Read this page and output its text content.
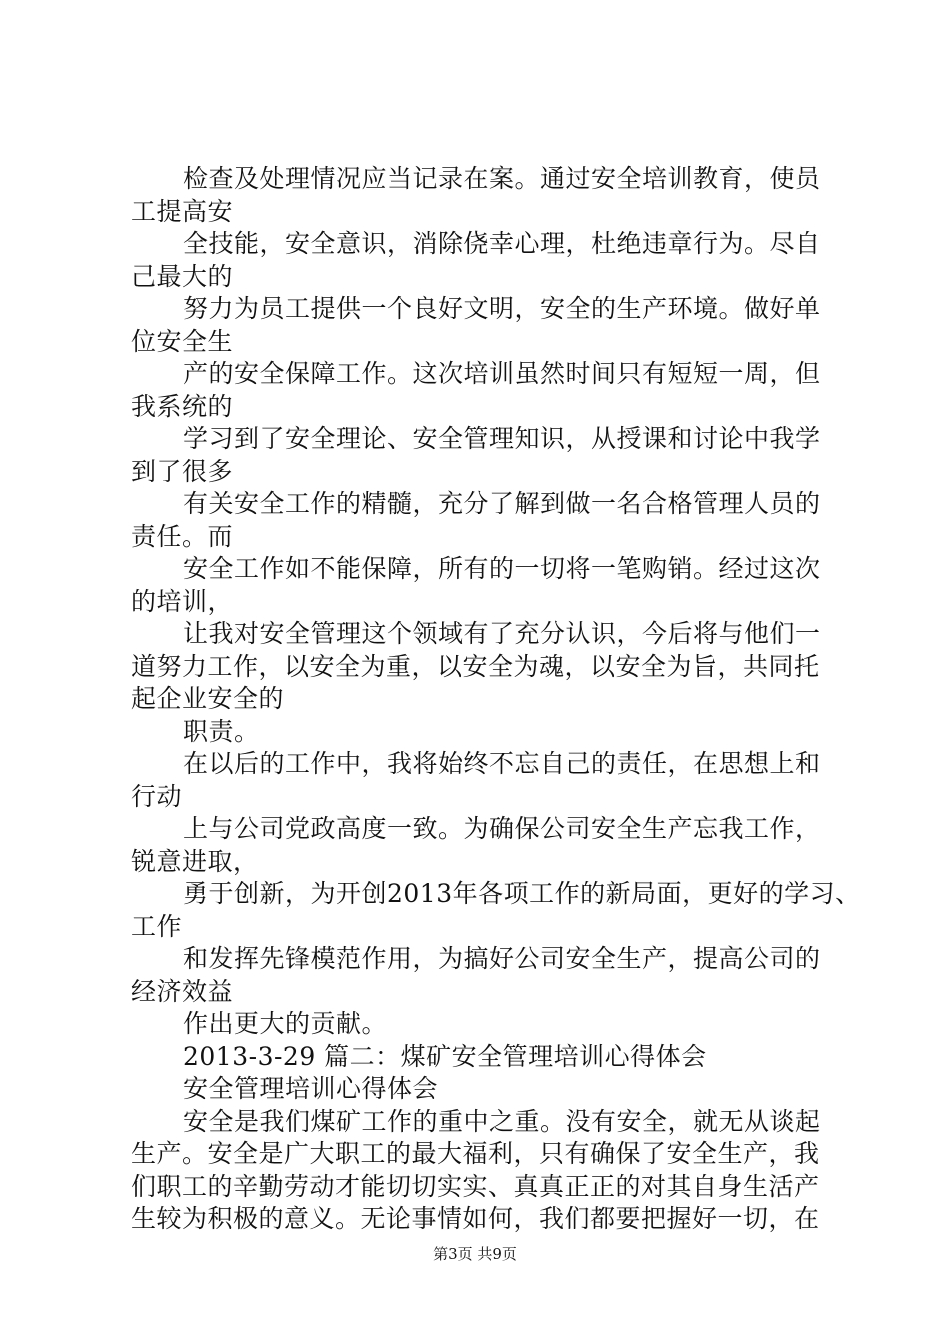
检查及处理情况应当记录在案。通过安全培训教育，使员
工提高安
全技能，安全意识，消除侥幸心理，杜绝违章行为。尽自
己最大的
努力为员工提供一个良好文明，安全的生产环境。做好单
位安全生
产的安全保障工作。这次培训虽然时间只有短短一周，但
我系统的
学习到了安全理论、安全管理知识，从授课和讨论中我学
到了很多
有关安全工作的精髓，充分了解到做一名合格管理人员的
责任。而
安全工作如不能保障，所有的一切将一笔购销。经过这次
的培训，
让我对安全管理这个领域有了充分认识，今后将与他们一
道努力工作，以安全为重，以安全为魂，以安全为旨，共同托
起企业安全的
职责。
在以后的工作中，我将始终不忘自己的责任，在思想上和
行动
上与公司党政高度一致。为确保公司安全生产忘我工作，
锐意进取，
勇于创新，为开创2013年各项工作的新局面，更好的学习、
工作
和发挥先锋模范作用，为搞好公司安全生产，提高公司的
经济效益
作出更大的贡献。
2013-3-29 篇二：煤矿安全管理培训心得体会
安全管理培训心得体会
安全是我们煤矿工作的重中之重。没有安全，就无从谈起
生产。安全是广大职工的最大福利，只有确保了安全生产，我
们职工的辛勤劳动才能切切实实、真真正正的对其自身生活产
生较为积极的意义。无论事情如何，我们都要把握好一切，在
第3页 共9页
